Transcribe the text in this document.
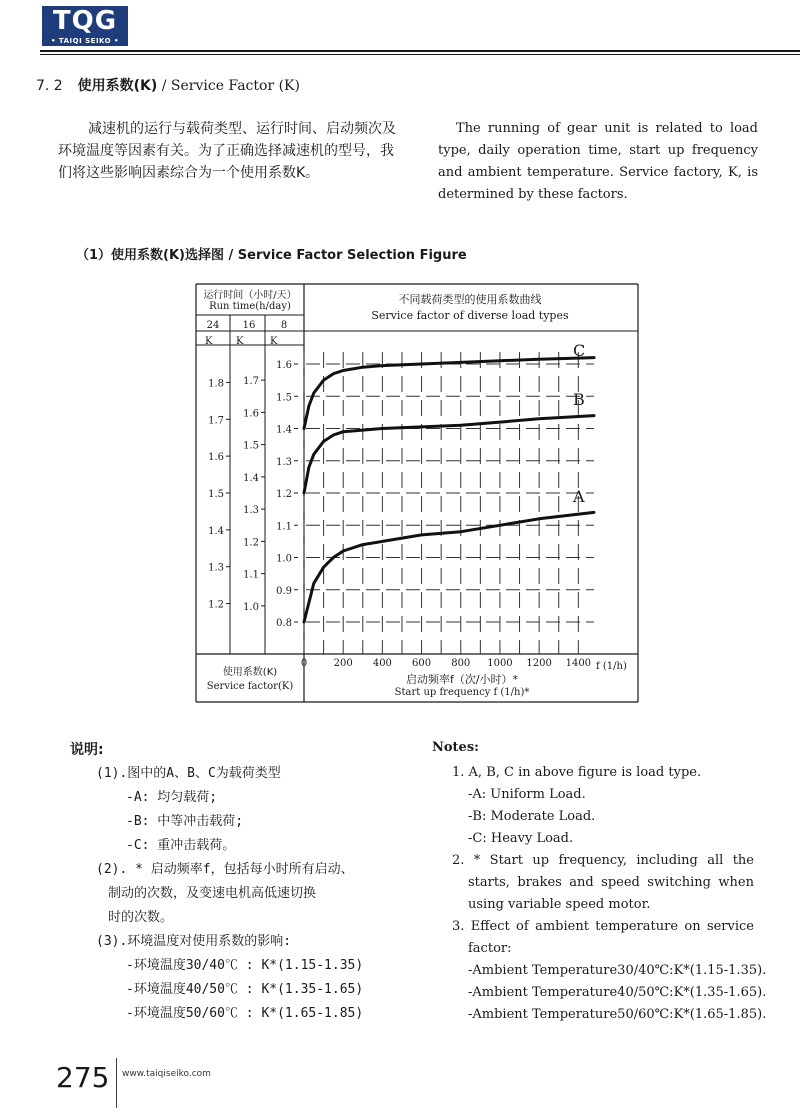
TQG
• TAIQI SEIKO •
7. 2 使用系数(K) / Service Factor (K)
减速机的运行与载荷类型、运行时间、启动频次及环境温度等因素有关。为了正确选择减速机的型号，我们将这些影响因素综合为一个使用系数K。
The running of gear unit is related to load type, daily operation time, start up frequency and ambient temperature. Service factory, K, is determined by these factors.
（1）使用系数(K)选择图 / Service Factor Selection Figure
0	200 400 600 800 1000 1200 1400
1.2
1.3
1.4
1.5
1.6
1.7
1.8
1.0
1.1
1.2
1.3
1.4
1.5
1.6
1.7
0.8
0.9
1.0
1.1
1.2
1.3
1.4
1.5
1.6
不同载荷类型的使用系数曲线
Service factor of diverse load types
运行时间（小时/天）
Run time(h/day)
24 16	8
K K	K
使用系数(K)
Service factor(K)
f (1/h)
启动频率f（次/小时）*
Start up frequency f (1/h)*
C
B
A
说明:
(1).图中的A、B、C为载荷类型
-A: 均匀载荷;
-B: 中等冲击载荷;
-C: 重冲击载荷。
(2). * 启动频率f，包括每小时所有启动、
制动的次数，及变速电机高低速切换
时的次数。
(3).环境温度对使用系数的影响:
-环境温度30/40℃ : K*(1.15-1.35)
-环境温度40/50℃ : K*(1.35-1.65)
-环境温度50/60℃ : K*(1.65-1.85)
Notes:
1. A, B, C in above figure is load type.
-A: Uniform Load.
-B: Moderate Load.
-C: Heavy Load.
2. * Start up frequency, including all the starts, brakes and speed switching when using variable speed motor.
3. Effect of ambient temperature on service factor:
-Ambient Temperature30/40℃:K*(1.15-1.35).
-Ambient Temperature40/50℃:K*(1.35-1.65).
-Ambient Temperature50/60℃:K*(1.65-1.85).
275 www.taiqiseiko.com
